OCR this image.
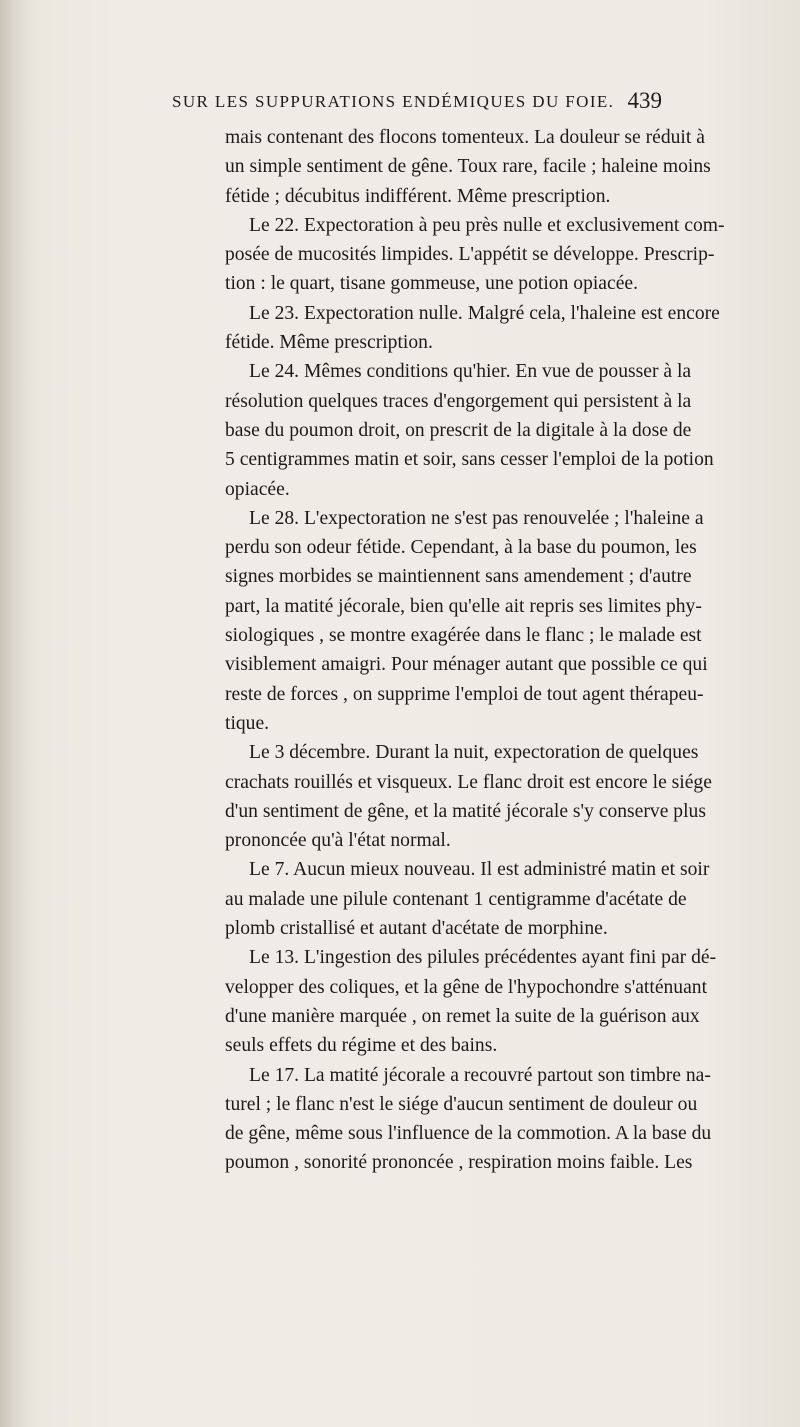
SUR LES SUPPURATIONS ENDÉMIQUES DU FOIE. 439
mais contenant des flocons tomenteux. La douleur se réduit à
un simple sentiment de gêne. Toux rare, facile ; haleine moins
fétide ; décubitus indifférent. Même prescription.
Le 22. Expectoration à peu près nulle et exclusivement com-
posée de mucosités limpides. L'appétit se développe. Prescrip-
tion : le quart, tisane gommeuse, une potion opiacée.
Le 23. Expectoration nulle. Malgré cela, l'haleine est encore
fétide. Même prescription.
Le 24. Mêmes conditions qu'hier. En vue de pousser à la
résolution quelques traces d'engorgement qui persistent à la
base du poumon droit, on prescrit de la digitale à la dose de
5 centigrammes matin et soir, sans cesser l'emploi de la potion
opiacée.
Le 28. L'expectoration ne s'est pas renouvelée ; l'haleine a
perdu son odeur fétide. Cependant, à la base du poumon, les
signes morbides se maintiennent sans amendement ; d'autre
part, la matité jécorale, bien qu'elle ait repris ses limites phy-
siologiques , se montre exagérée dans le flanc ; le malade est
visiblement amaigri. Pour ménager autant que possible ce qui
reste de forces , on supprime l'emploi de tout agent thérapeu-
tique.
Le 3 décembre. Durant la nuit, expectoration de quelques
crachats rouillés et visqueux. Le flanc droit est encore le siége
d'un sentiment de gêne, et la matité jécorale s'y conserve plus
prononcée qu'à l'état normal.
Le 7. Aucun mieux nouveau. Il est administré matin et soir
au malade une pilule contenant 1 centigramme d'acétate de
plomb cristallisé et autant d'acétate de morphine.
Le 13. L'ingestion des pilules précédentes ayant fini par dé-
velopper des coliques, et la gêne de l'hypochondre s'atténuant
d'une manière marquée , on remet la suite de la guérison aux
seuls effets du régime et des bains.
Le 17. La matité jécorale a recouvré partout son timbre na-
turel ; le flanc n'est le siége d'aucun sentiment de douleur ou
de gêne, même sous l'influence de la commotion. A la base du
poumon , sonorité prononcée , respiration moins faible. Les
